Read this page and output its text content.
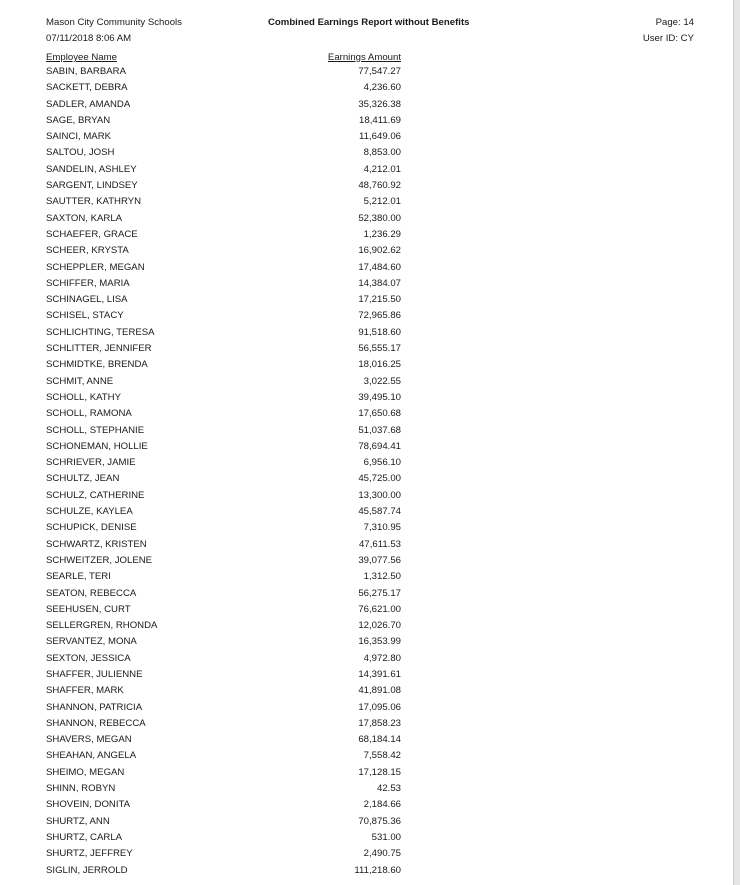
Mason City Community Schools
07/11/2018 8:06 AM
Combined Earnings Report without Benefits	Page: 14
User ID: CY
Employee Name	Earnings Amount
SABIN, BARBARA	77,547.27
SACKETT, DEBRA	4,236.60
SADLER, AMANDA	35,326.38
SAGE, BRYAN	18,411.69
SAINCI, MARK	11,649.06
SALTOU, JOSH	8,853.00
SANDELIN, ASHLEY	4,212.01
SARGENT, LINDSEY	48,760.92
SAUTTER, KATHRYN	5,212.01
SAXTON, KARLA	52,380.00
SCHAEFER, GRACE	1,236.29
SCHEER, KRYSTA	16,902.62
SCHEPPLER, MEGAN	17,484.60
SCHIFFER, MARIA	14,384.07
SCHINAGEL, LISA	17,215.50
SCHISEL, STACY	72,965.86
SCHLICHTING, TERESA	91,518.60
SCHLITTER, JENNIFER	56,555.17
SCHMIDTKE, BRENDA	18,016.25
SCHMIT, ANNE	3,022.55
SCHOLL, KATHY	39,495.10
SCHOLL, RAMONA	17,650.68
SCHOLL, STEPHANIE	51,037.68
SCHONEMAN, HOLLIE	78,694.41
SCHRIEVER, JAMIE	6,956.10
SCHULTZ, JEAN	45,725.00
SCHULZ, CATHERINE	13,300.00
SCHULZE, KAYLEA	45,587.74
SCHUPICK, DENISE	7,310.95
SCHWARTZ, KRISTEN	47,611.53
SCHWEITZER, JOLENE	39,077.56
SEARLE, TERI	1,312.50
SEATON, REBECCA	56,275.17
SEEHUSEN, CURT	76,621.00
SELLERGREN, RHONDA	12,026.70
SERVANTEZ, MONA	16,353.99
SEXTON, JESSICA	4,972.80
SHAFFER, JULIENNE	14,391.61
SHAFFER, MARK	41,891.08
SHANNON, PATRICIA	17,095.06
SHANNON, REBECCA	17,858.23
SHAVERS, MEGAN	68,184.14
SHEAHAN, ANGELA	7,558.42
SHEIMO, MEGAN	17,128.15
SHINN, ROBYN	42.53
SHOVEIN, DONITA	2,184.66
SHURTZ, ANN	70,875.36
SHURTZ, CARLA	531.00
SHURTZ, JEFFREY	2,490.75
SIGLIN, JERROLD	111,218.60
